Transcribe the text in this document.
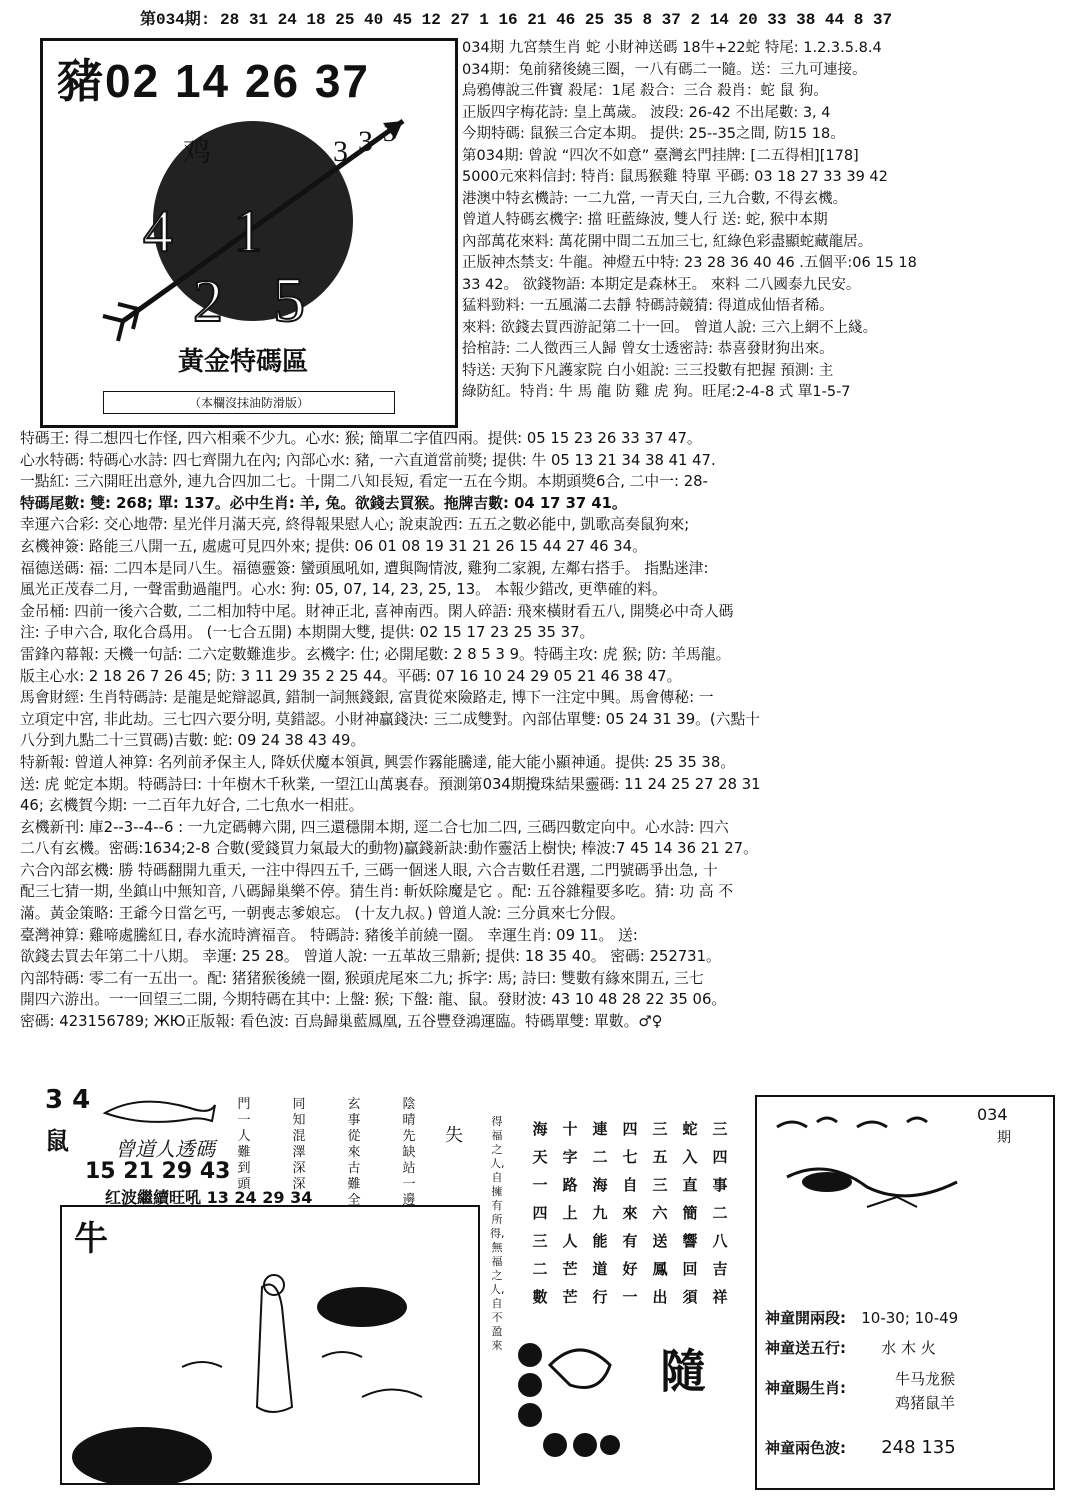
第034期: 28 31 24 18 25 40 45 12 27 1 16 21 46 25 35 8 37 2 14 20 33 38 44 8 37
豬02 14 26 37
4 1
2 5
3 3 3
鸡
黃金特碼區
（本欄沒抹油防滑版）
034期 九宮禁生肖 蛇 小財神送碼 18牛+22蛇 特尾: 1.2.3.5.8.4
034期：兔前豬後繞三圈，一八有碼二一隨。送：三九可連接。
烏鴉傳說三件寶 殺尾：1尾 殺合：三合 殺肖：蛇 鼠 狗。
正版四字梅花詩: 皇上萬歲。 波段: 26-42 不出尾數: 3, 4
今期特碼: 鼠猴三合定本期。 提供: 25--35之間, 防15 18。
第034期: 曾說 “四次不如意” 臺灣玄門挂牌: [二五得相][178]
5000元來料信封: 特肖: 鼠馬猴雞 特單 平碼: 03 18 27 33 39 42
港澳中特玄機詩: 一二九當, 一青天白, 三九合數, 不得玄機。
曾道人特碼玄機字: 擋 旺藍綠波, 雙人行 送: 蛇, 猴中本期
內部萬花來料: 萬花開中間二五加三七, 紅綠色彩盡顯蛇藏龍居。
正版神杰禁支: 牛龍。神燈五中特: 23 28 36 40 46 .五個平:06 15 18
33 42。 欲錢物語: 本期定是森林王。 來料 二八國泰九民安。
猛料勁料: 一五風滿二去靜 特碼詩競猜: 得道成仙悟者稀。
來料: 欲錢去買西游記第二十一回。 曾道人說: 三六上網不上綫。
拾棺詩: 二人徵西三人歸 曾女士透密詩: 恭喜發財狗出來。
特送: 天狗下凡護家院 白小姐說: 三三投數有把握 預測: 主
綠防紅。特肖: 牛 馬 龍 防 雞 虎 狗。旺尾:2-4-8 式 單1-5-7
特碼王: 得二想四七作怪, 四六相乘不少九。心水: 猴; 簡單二字值四兩。提供: 05 15 23 26 33 37 47。
心水特碼: 特碼心水詩: 四七齊開九在內; 內部心水: 豬, 一六直道當前獎; 提供: 牛 05 13 21 34 38 41 47.
一點紅: 三六開旺出意外, 連九合四加二七。十開二八知長短, 看定一五在今期。本期頭獎6合, 二中一: 28-
特碼尾數: 雙: 268; 單: 137。必中生肖: 羊, 兔。欲錢去買猴。拖牌吉數: 04 17 37 41。
幸運六合彩: 交心地帶: 星光伴月滿天亮, 終得報果慰人心; 說東說西: 五五之數必能中, 凱歌高奏鼠狗來;
玄機神簽: 路能三八開一五, 處處可見四外來; 提供: 06 01 08 19 31 21 26 15 44 27 46 34。
福德送碼: 福: 二四本是同八生。福德靈簽: 蠻頭風吼如, 遭與陶情波, 雞狗二家親, 左鄰右搭手。 指點迷津:
風光正茂春二月, 一聲雷動過龍門。心水: 狗: 05, 07, 14, 23, 25, 13。 本報少錯改, 更準確的料。
金吊桶: 四前一後六合數, 二二相加特中尾。財神正北, 喜神南西。閑人碎語: 飛來橫財看五八, 開獎必中奇人碼
注: 子申六合, 取化合爲用。 (一七合五開) 本期開大雙, 提供: 02 15 17 23 25 35 37。
雷鋒內幕報: 天機一句話: 二六定數難進步。玄機字: 仕; 必開尾數: 2 8 5 3 9。特碼主攻: 虎 猴; 防: 羊馬龍。
版主心水: 2 18 26 7 26 45; 防: 3 11 29 35 2 25 44。平碼: 07 16 10 24 29 05 21 46 38 47。
馬會財經: 生肖特碼詩: 是龍是蛇辯認眞, 錯制一詞無錢銀, 富貴從來險路走, 博下一注定中興。馬會傳秘: 一
立項定中宮, 非此劫。三七四六要分明, 莫錯認。小財神贏錢決: 三二成雙對。內部估單雙: 05 24 31 39。(六點十
八分到九點二十三買碼)吉數: 蛇: 09 24 38 43 49。
特新報: 曾道人神算: 名列前矛保主人, 降妖伏魔本領眞, 興雲作霧能騰達, 能大能小顯神通。提供: 25 35 38。
送: 虎 蛇定本期。特碼詩曰: 十年樹木千秋業, 一望江山萬裏春。預測第034期攪珠結果靈碼: 11 24 25 27 28 31
46; 玄機賀今期: 一二百年九好合, 二七魚水一相莊。
玄機新刊: 庫2--3--4--6 : 一九定碼轉六開, 四三還穩開本期, 逕二合七加二四, 三碼四數定向中。心水詩: 四六
二八有玄機。密碼:1634;2-8 合數(愛錢買力氣最大的動物)贏錢新訣:動作靈活上樹快; 棒波:7 45 14 36 21 27。
六合內部玄機: 勝 特碼翻開九重天, 一注中得四五千, 三碼一個迷人眼, 六合吉數任君選, 二門號碼爭出急, 十
配三七猜一期, 坐鎮山中無知音, 八碼歸巢樂不停。猜生肖: 斬妖除魔是它 。配: 五谷雜糧要多吃。猜: 功 高 不
滿。黃金策略: 王爺今日當乞丐, 一朝喪志爹娘忘。 (十友九叔。) 曾道人說: 三分眞來七分假。
臺灣神算: 雞啼處騰紅日, 春水流時濟福音。 特碼詩: 豬後羊前繞一圈。 幸運生肖: 09 11。 送:
欲錢去買去年第二十八期。 幸運: 25 28。 曾道人說: 一五革故三鼎新; 提供: 18 35 40。 密碼: 252731。
內部特碼: 零二有一五出一。配: 猪猪猴後繞一圈, 猴頭虎尾來二九; 拆字: 馬; 詩曰: 雙數有緣來開五, 三七
開四六游出。一一回望三二開, 今期特碼在其中: 上盤: 猴; 下盤: 龍、鼠。發財波: 43 10 48 28 22 35 06。
密碼: 423156789; ЖЮ正版報: 看色波: 百鳥歸巢藍鳳凰, 五谷豐登鴻運臨。特碼單雙: 單數。♂♀
3 4
鼠 曾道人透碼
失
15 21 29 43
红波繼續旺吼 13 24 29 34
門一人難到頭
同知混澤深深
玄事從來古難全
陰晴先缺站一邊
牛
得福之人, 自擁有所得, 無福之人, 自不盈來
海天一四三二數
十字路上人芒芒
連二海九能道行
四七自來有好一
三五三六送鳳出
蛇入直簡響回須
三四事二八吉祥
隨
034
期
神童開兩段: 10-30; 10-49
神童送五行: 水 木 火
神童賜生肖:	牛马龙猴
鸡猪鼠羊
神童兩色波: 248 135
